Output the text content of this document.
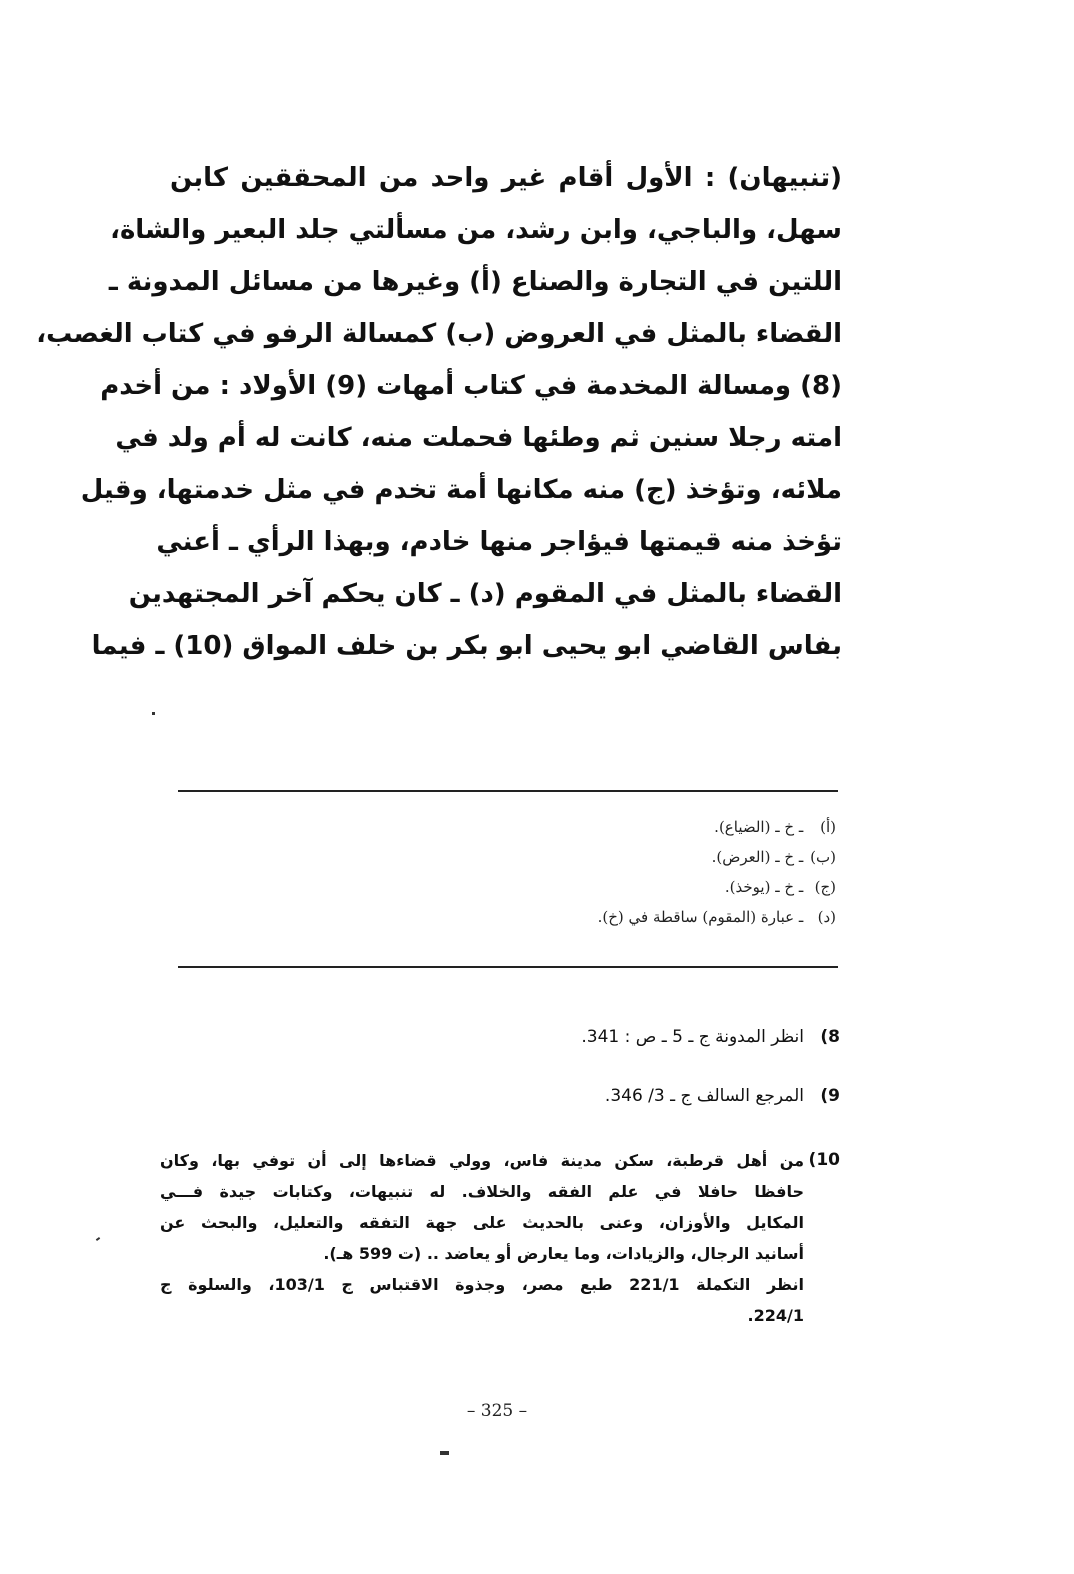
(تنبيهان) : الأول أقام غير واحد من المحققين كابن
سهل، والباجي، وابن رشد، من مسألتي جلد البعير والشاة،
اللتين في التجارة والصناع (أ) وغيرها من مسائل المدونة ـ
القضاء بالمثل في العروض (ب) كمسالة الرفو في كتاب الغصب،
(8) ومسالة المخدمة في كتاب أمهات (9) الأولاد : من أخدم
امته رجلا سنين ثم وطئها فحملت منه، كانت له أم ولد في
ملائه، وتؤخذ (ج) منه مكانها أمة تخدم في مثل خدمتها، وقيل
تؤخذ منه قيمتها فيؤاجر منها خادم، وبهذا الرأي ـ أعني
القضاء بالمثل في المقوم (د) ـ كان يحكم آخر المجتهدين
بفاس القاضي ابو يحيى ابو بكر بن خلف المواق (10) ـ فيما
(أ) ـ خ ـ (الضياع).
(ب) ـ خ ـ (العرض).
(ج) ـ خ ـ (يوخذ).
(د) ـ عبارة (المقوم) ساقطة في (خ).
8)
انظر المدونة ج ـ 5 ـ ص : 341.
9)
المرجع السالف ج ـ 3/ 346.
10)
من أهل قرطبة، سكن مدينة فاس، وولي قضاءها إلى أن توفي بها، وكان
حافظا حافلا في علم الفقه والخلاف. له تنبيهات، وكتابات جيدة فـــي
المكايل والأوزان، وعنى بالحديث على جهة التفقه والتعليل، والبحث عن
أسانيد الرجال، والزيادات، وما يعارض أو يعاضد .. (ت 599 هـ).
انظر التكملة 221/1 طبع مصر، وجذوة الاقتباس ج 103/1، والسلوة ج
224/1.
– 325 –
